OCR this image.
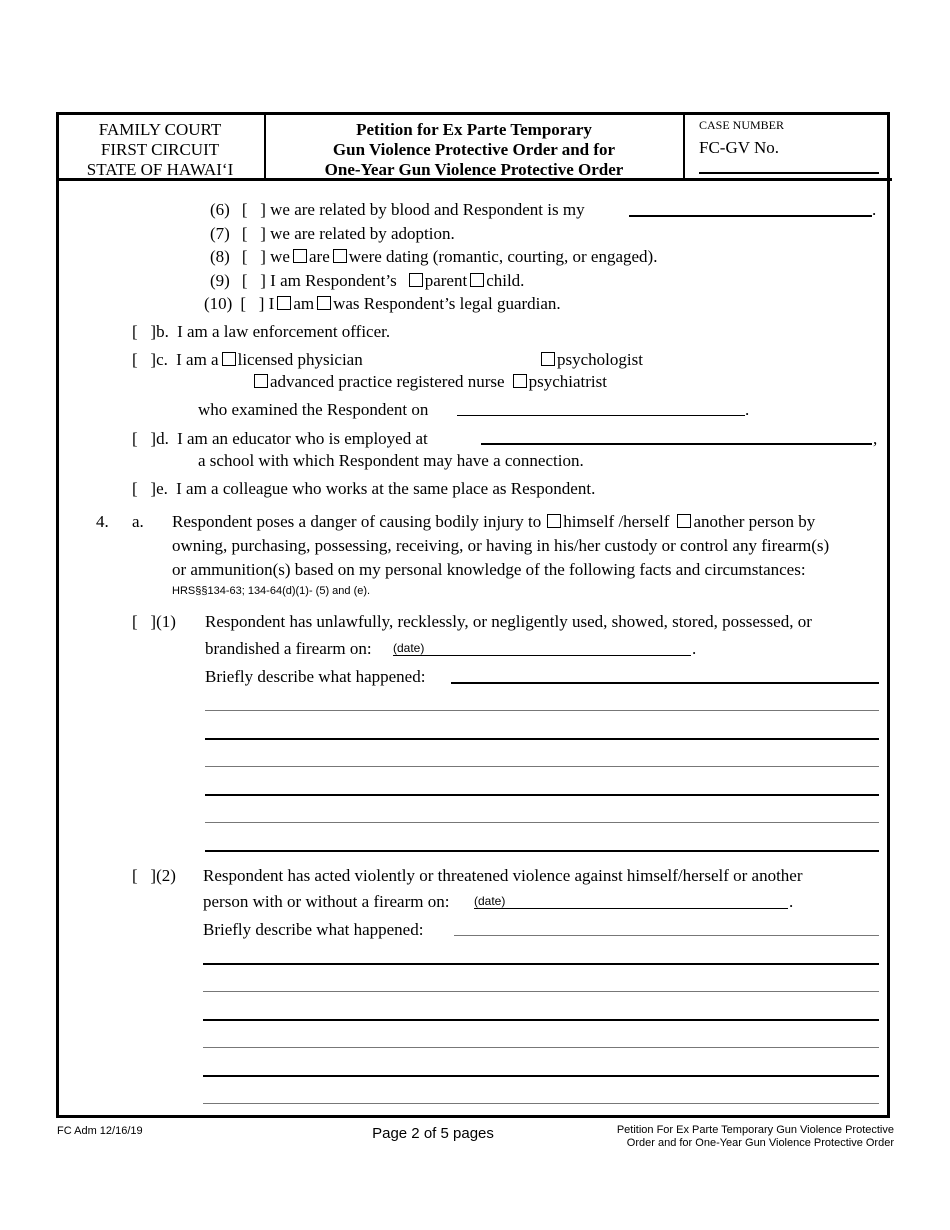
FAMILY COURT
FIRST CIRCUIT
STATE OF HAWAI‘I
Petition for Ex Parte Temporary
Gun Violence Protective Order and for
One-Year Gun Violence Protective Order
CASE NUMBER
FC-GV No.
(6) [   ] we are related by blood and Respondent is my	.
(7) [   ] we are related by adoption.
(8) [   ] we are were dating (romantic, courting, or engaged).
(9) [   ] I am Respondent’s parent child.
(10) [   ] I am was Respondent’s legal guardian.
[   ]b. I am a law enforcement officer.
[   ]c. I am a licensed physician	psychologist
advanced practice registered nurse psychiatrist
who examined the Respondent on	.
[   ]d. I am an educator who is employed at	,
a school with which Respondent may have a connection.
[   ]e. I am a colleague who works at the same place as Respondent.
4. a. Respondent poses a danger of causing bodily injury to himself /herself another person by
owning, purchasing, possessing, receiving, or having in his/her custody or control any firearm(s)
or ammunition(s) based on my personal knowledge of the following facts and circumstances:
HRS§§134-63; 134-64(d)(1)- (5) and (e).
[   ](1) Respondent has unlawfully, recklessly, or negligently used, showed, stored, possessed, or
brandished a firearm on: (date)	.
Briefly describe what happened:
[   ](2) Respondent has acted violently or threatened violence against himself/herself or another
person with or without a firearm on: (date)	.
Briefly describe what happened:
FC Adm 12/16/19	Page 2 of 5 pages	Petition For Ex Parte Temporary Gun Violence Protective
Order and for One-Year Gun Violence Protective Order
